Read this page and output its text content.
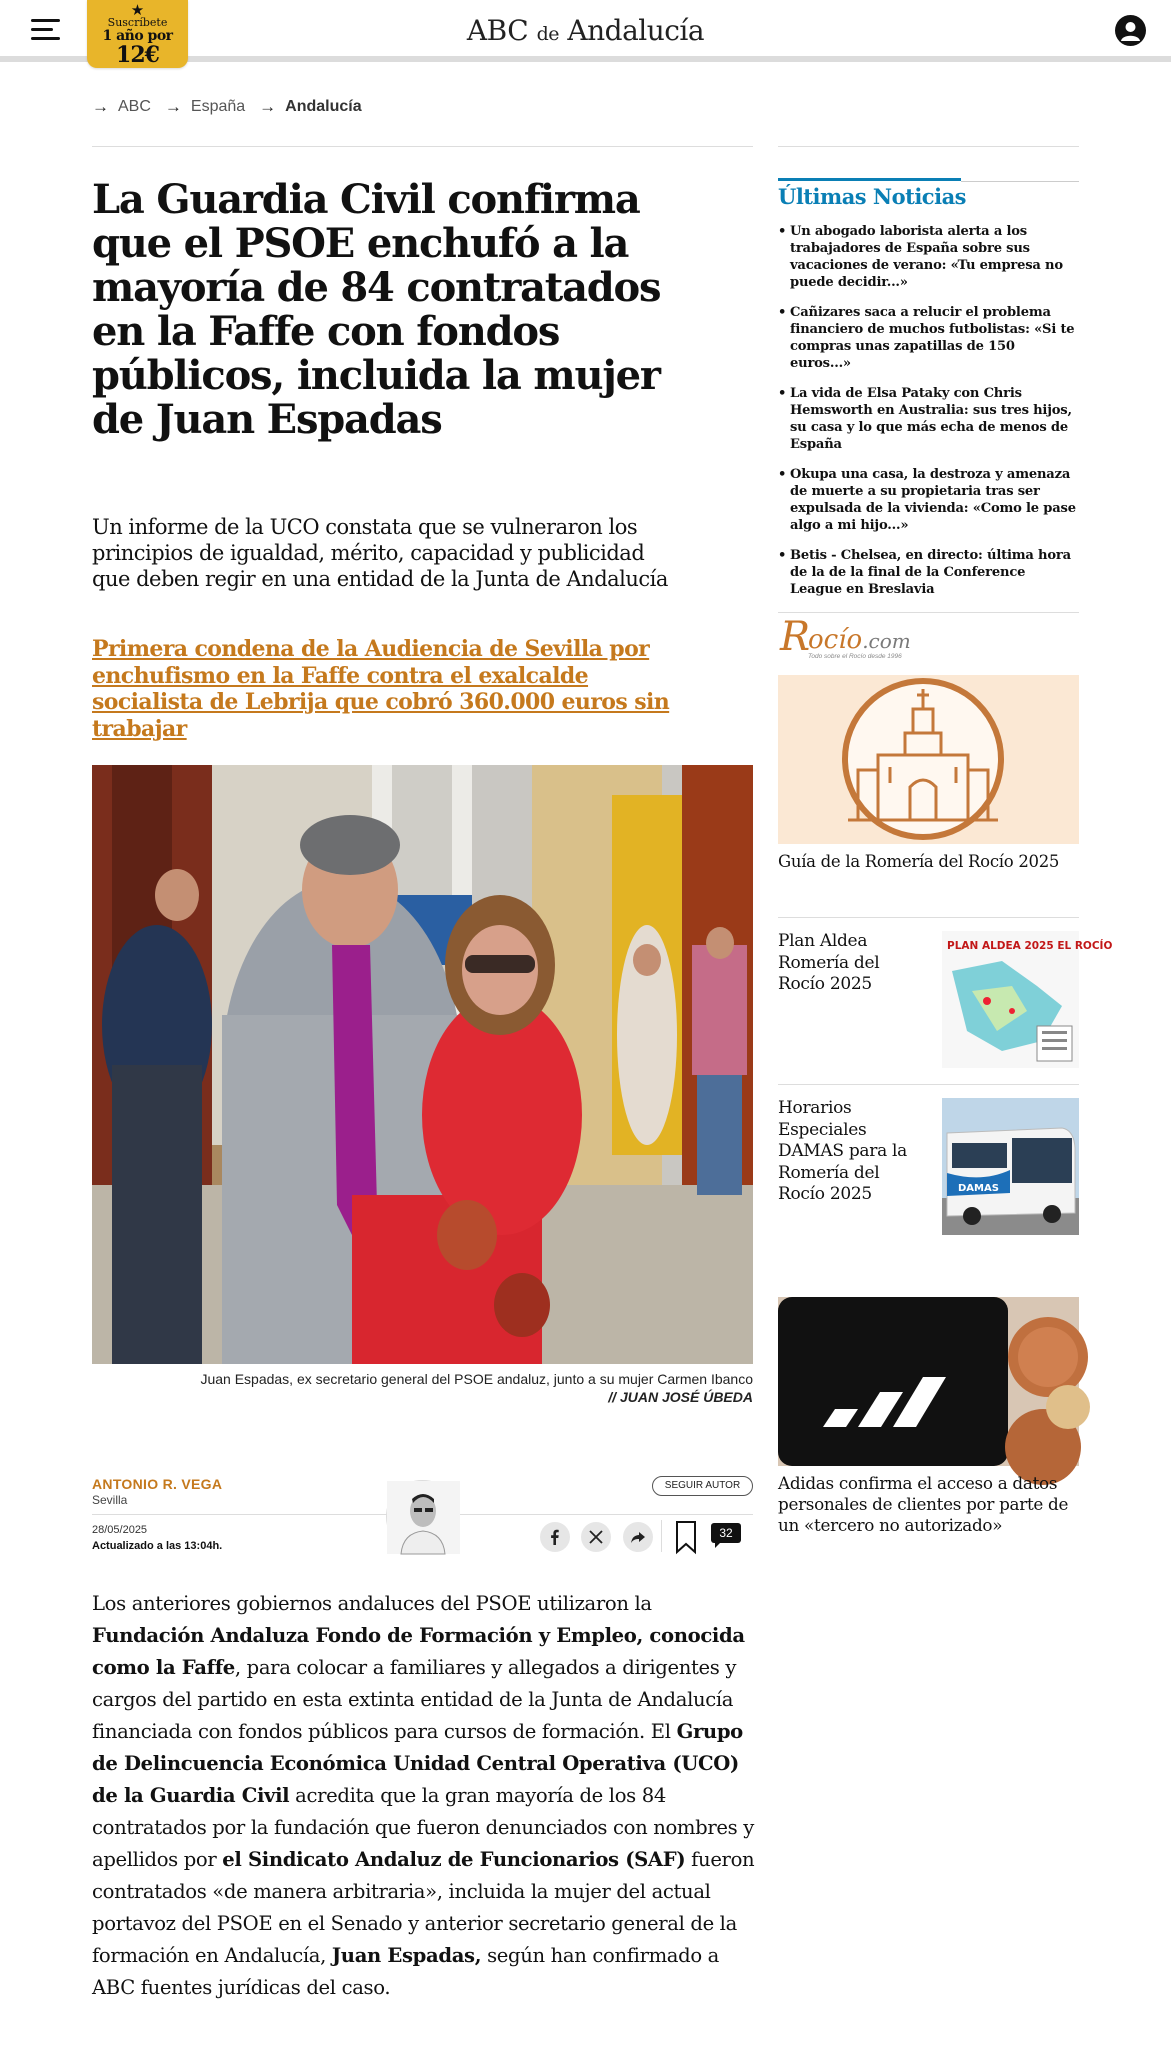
★
Suscríbete
1 año por
12€
ABC de Andalucía
→ ABC → España → Andalucía
La Guardia Civil confirma que el PSOE enchufó a la mayoría de 84 contratados en la Faffe con fondos públicos, incluida la mujer de Juan Espadas

Un informe de la UCO constata que se vulneraron los principios de igualdad, mérito, capacidad y publicidad que deben regir en una entidad de la Junta de Andalucía

Primera condena de la Audiencia de Sevilla por enchufismo en la Faffe contra el exalcalde socialista de Lebrija que cobró 360.000 euros sin trabajar
Juan Espadas, ex secretario general del PSOE andaluz, junto a su mujer Carmen Ibanco
// JUAN JOSÉ ÚBEDA
ANTONIO R. VEGA
Sevilla
SEGUIR AUTOR
28/05/2025
Actualizado a las 13:04h.
32
Los anteriores gobiernos andaluces del PSOE utilizaron la Fundación Andaluza Fondo de Formación y Empleo, conocida como la Faffe, para colocar a familiares y allegados a dirigentes y cargos del partido en esta extinta entidad de la Junta de Andalucía financiada con fondos públicos para cursos de formación. El Grupo de Delincuencia Económica Unidad Central Operativa (UCO) de la Guardia Civil acredita que la gran mayoría de los 84 contratados por la fundación que fueron denunciados con nombres y apellidos por el Sindicato Andaluz de Funcionarios (SAF) fueron contratados «de manera arbitraria», incluida la mujer del actual portavoz del PSOE en el Senado y anterior secretario general de la formación en Andalucía, Juan Espadas, según han confirmado a ABC fuentes jurídicas del caso.
Últimas Noticias
• Un abogado laborista alerta a los trabajadores de España sobre sus vacaciones de verano: «Tu empresa no puede decidir...»
• Cañizares saca a relucir el problema financiero de muchos futbolistas: «Si te compras unas zapatillas de 150 euros...»
• La vida de Elsa Pataky con Chris Hemsworth en Australia: sus tres hijos, su casa y lo que más echa de menos de España
• Okupa una casa, la destroza y amenaza de muerte a su propietaria tras ser expulsada de la vivienda: «Como le pase algo a mi hijo...»
• Betis - Chelsea, en directo: última hora de la de la final de la Conference League en Breslavia
R
ocío.com
Todo sobre el Rocío desde 1996
Guía de la Romería del Rocío 2025
Plan Aldea Romería del Rocío 2025
PLAN ALDEA 2025 EL ROCÍO
Horarios Especiales DAMAS para la Romería del Rocío 2025	DAMAS
Adidas confirma el acceso a datos personales de clientes por parte de un «tercero no autorizado»
